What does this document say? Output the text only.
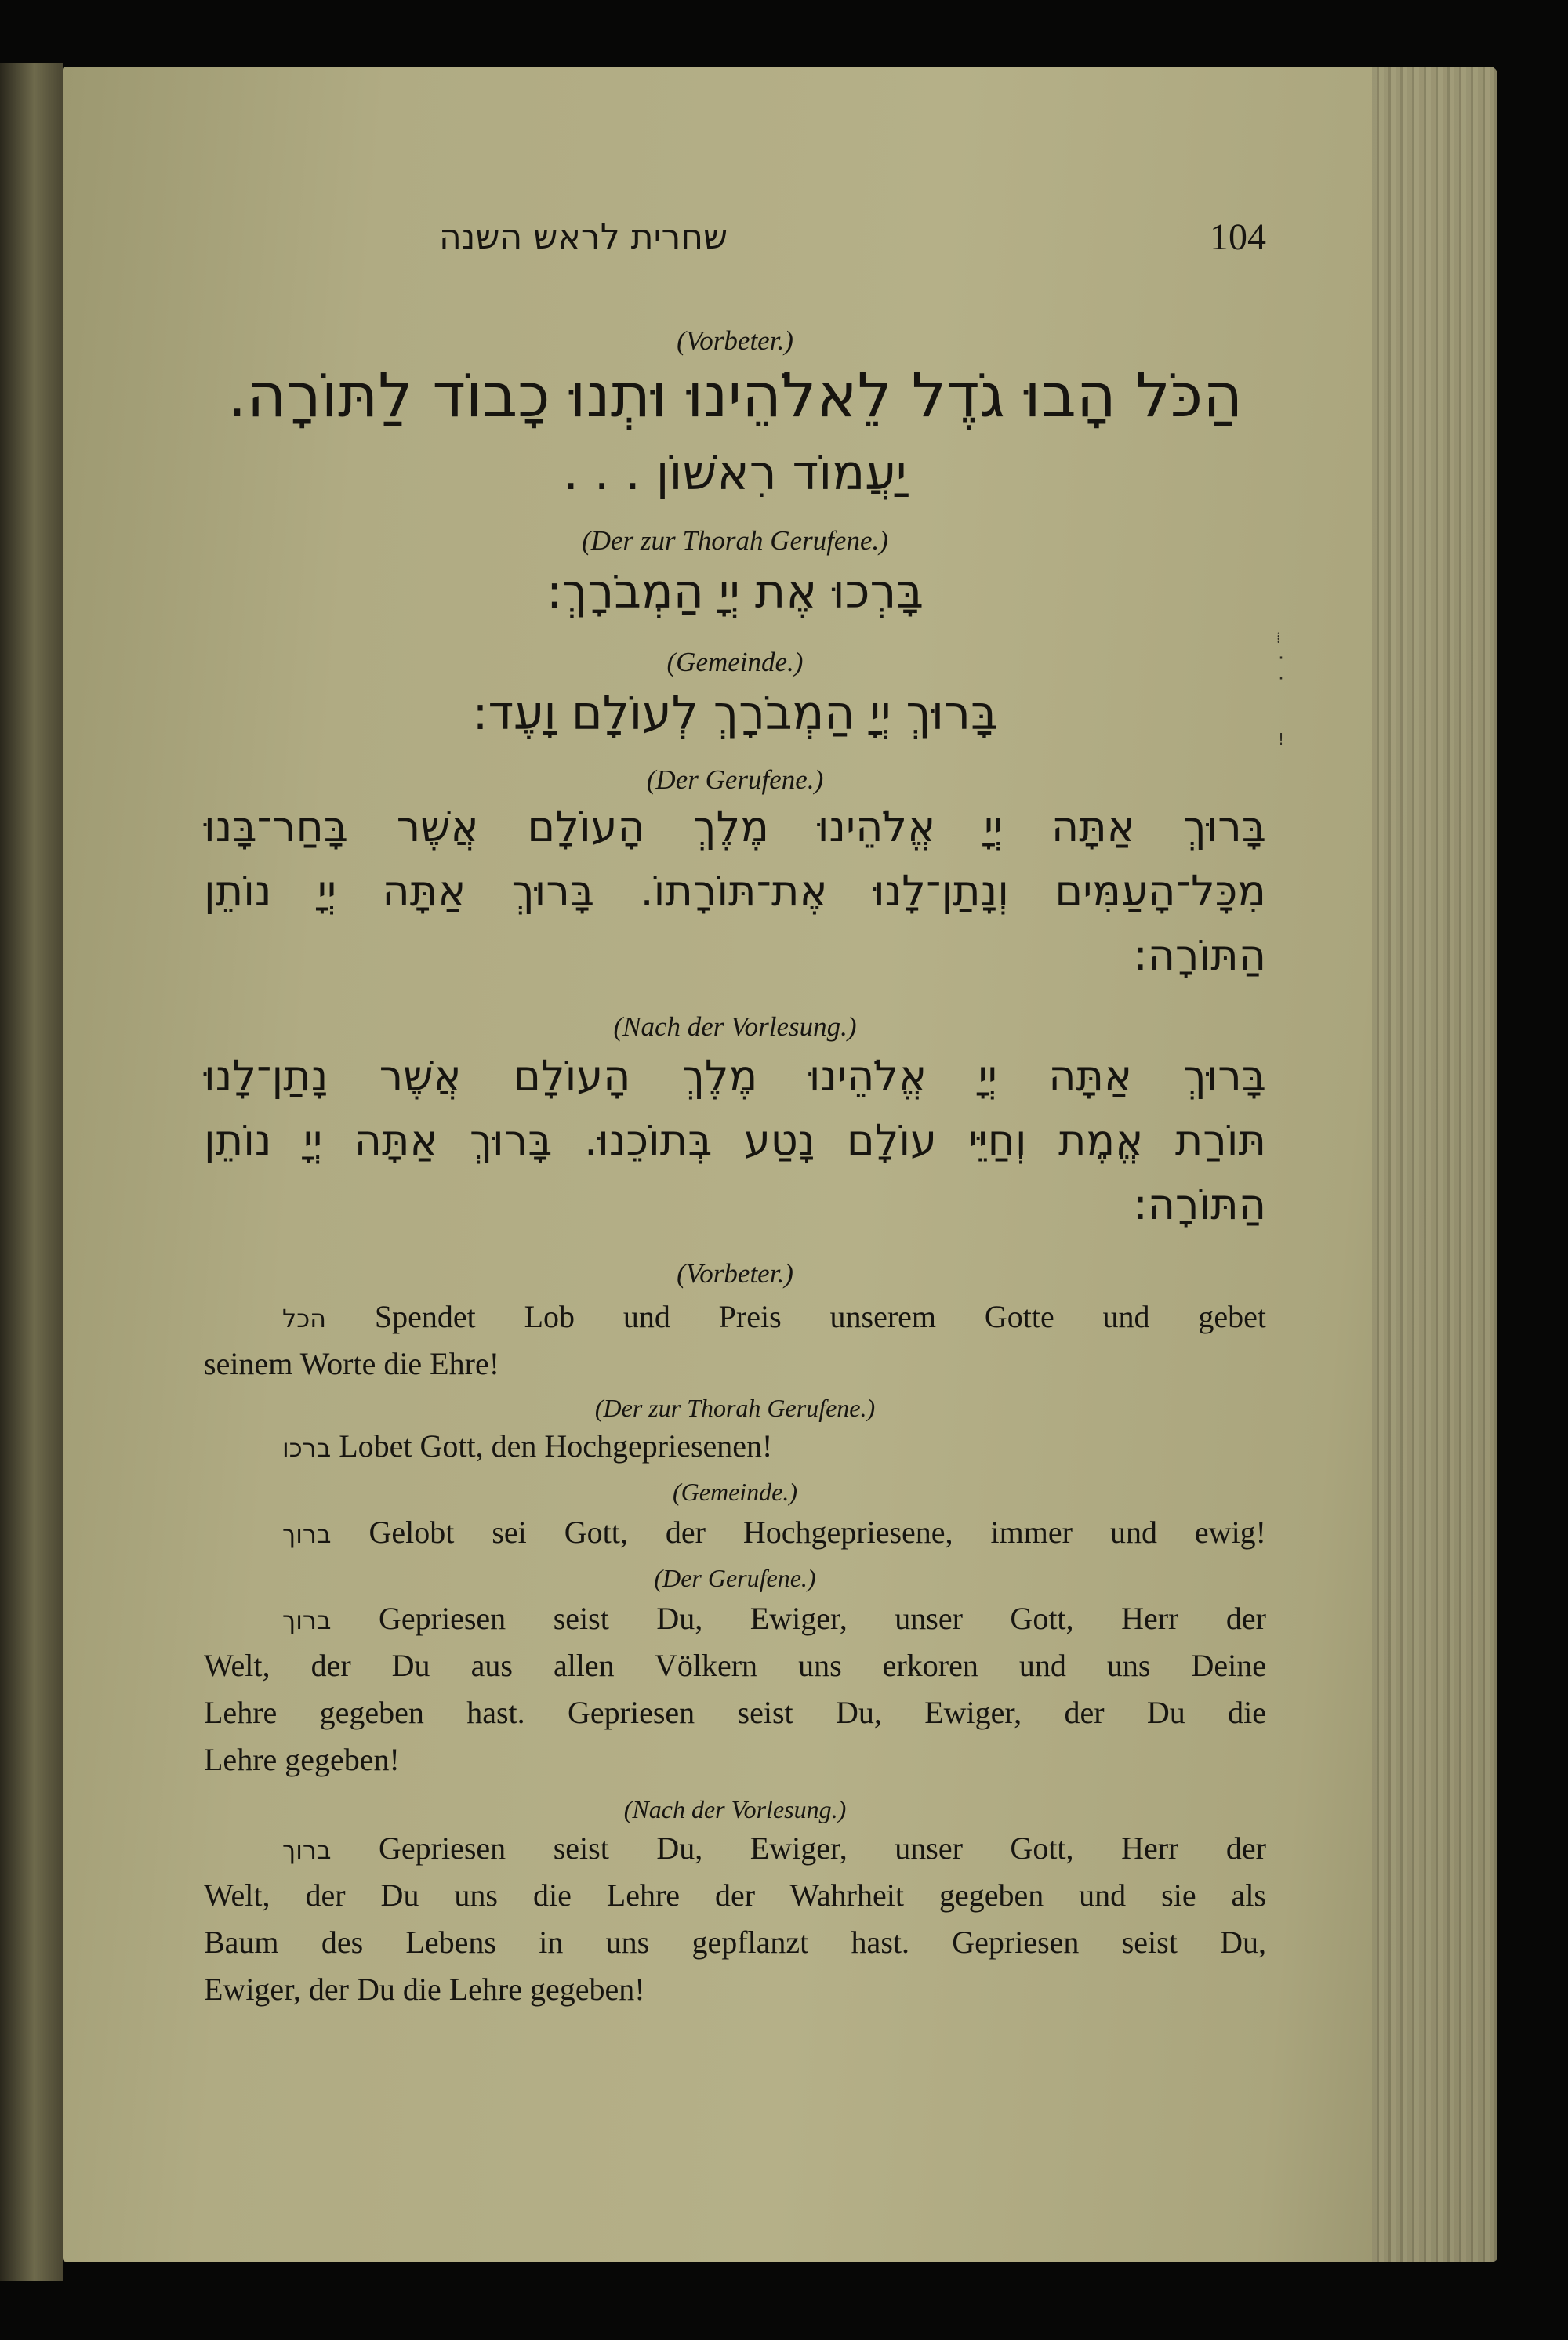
שחרית לראש השנה	104
(Vorbeter.)
הַכֹּל הָבוּ גֹדֶל לֵאלֹהֵינוּ וּתְנוּ כָבוֹד לַתּוֹרָה.
יַעֲמוֹד רִאשׁוֹן . . .
(Der zur Thorah Gerufene.)
בָּרְכוּ אֶת יְיָ הַמְבֹרָךְ:
(Gemeinde.)
בָּרוּךְ יְיָ הַמְבֹרָךְ לְעוֹלָם וָעֶד:
(Der Gerufene.)
בָּרוּךְ אַתָּה יְיָ אֱלֹהֵינוּ מֶלֶךְ הָעוֹלָם אֲשֶׁר בָּחַר־בָּנוּ
מִכָּל־הָעַמִּים וְנָתַן־לָנוּ אֶת־תּוֹרָתוֹ. בָּרוּךְ אַתָּה יְיָ נוֹתֵן
הַתּוֹרָה:
(Nach der Vorlesung.)
בָּרוּךְ אַתָּה יְיָ אֱלֹהֵינוּ מֶלֶךְ הָעוֹלָם אֲשֶׁר נָתַן־לָנוּ
תּוֹרַת אֱמֶת וְחַיֵּי עוֹלָם נָטַע בְּתוֹכֵנוּ. בָּרוּךְ אַתָּה יְיָ נוֹתֵן
הַתּוֹרָה:
(Vorbeter.)
הכל Spendet Lob und Preis unserem Gotte und gebet
seinem Worte die Ehre!
(Der zur Thorah Gerufene.)
ברכו Lobet Gott, den Hochgepriesenen!
(Gemeinde.)
ברוך Gelobt sei Gott, der Hochgepriesene, immer und ewig!
(Der Gerufene.)
ברוך Gepriesen seist Du, Ewiger, unser Gott, Herr der
Welt, der Du aus allen Völkern uns erkoren und uns Deine
Lehre gegeben hast. Gepriesen seist Du, Ewiger, der Du die
Lehre gegeben!
(Nach der Vorlesung.)
ברוך Gepriesen seist Du, Ewiger, unser Gott, Herr der
Welt, der Du uns die Lehre der Wahrheit gegeben und sie als
Baum des Lebens in uns gepflanzt hast. Gepriesen seist Du,
Ewiger, der Du die Lehre gegeben!
⁞
·
·

!
